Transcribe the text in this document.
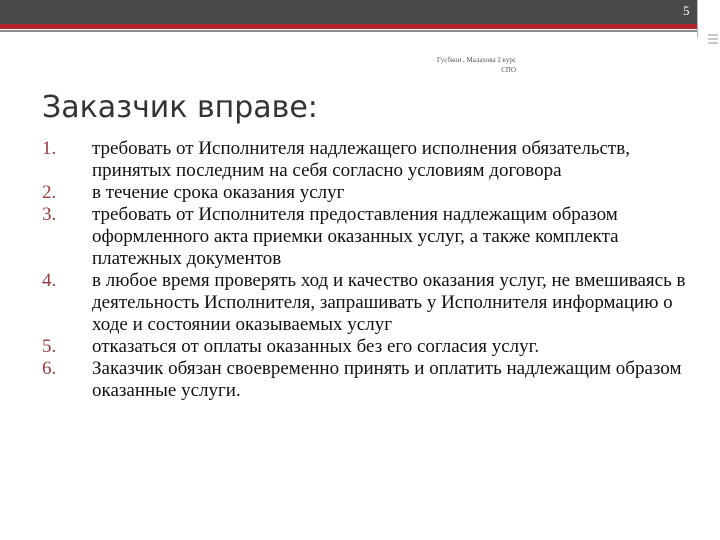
5
Гусбкон , Малахова 2 курс СПО
Заказчик вправе:
1. требовать от Исполнителя надлежащего исполнения обязательств, принятых последним на себя согласно условиям договора
2. в течение срока оказания услуг
3. требовать от Исполнителя предоставления надлежащим образом оформленного акта приемки оказанных услуг, а также комплекта платежных документов
4. в любое время проверять ход и качество оказания услуг, не вмешиваясь в деятельность Исполнителя, запрашивать у Исполнителя информацию о ходе и состоянии оказываемых услуг
5. отказаться от оплаты оказанных без его согласия услуг.
6. Заказчик обязан своевременно принять и оплатить надлежащим образом оказанные услуги.
